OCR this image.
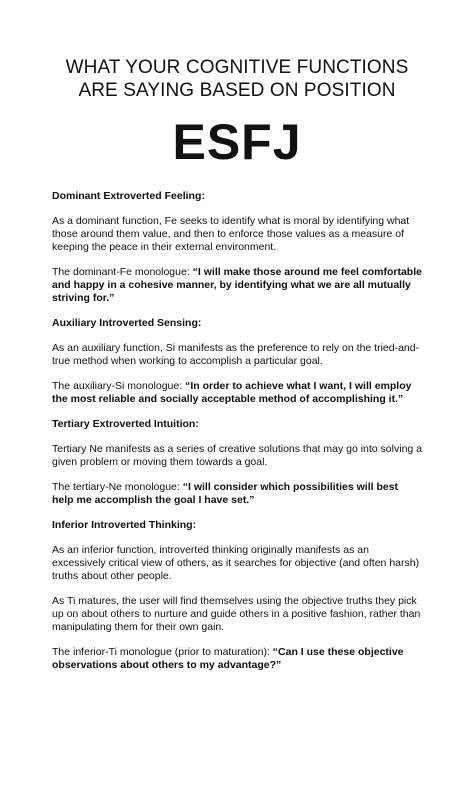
WHAT YOUR COGNITIVE FUNCTIONS
ARE SAYING BASED ON POSITION
ESFJ
Dominant Extroverted Feeling:

As a dominant function, Fe seeks to identify what is moral by identifying what those around them value, and then to enforce those values as a measure of keeping the peace in their external environment.

The dominant-Fe monologue: “I will make those around me feel comfortable and happy in a cohesive manner, by identifying what we are all mutually striving for.”

Auxiliary Introverted Sensing:

As an auxiliary function, Si manifests as the preference to rely on the tried-and-true method when working to accomplish a particular goal.

The auxiliary-Si monologue: “In order to achieve what I want, I will employ the most reliable and socially acceptable method of accomplishing it.”

Tertiary Extroverted Intuition:

Tertiary Ne manifests as a series of creative solutions that may go into solving a given problem or moving them towards a goal.

The tertiary-Ne monologue: “I will consider which possibilities will best help me accomplish the goal I have set.”

Inferior Introverted Thinking:

As an inferior function, introverted thinking originally manifests as an excessively critical view of others, as it searches for objective (and often harsh) truths about other people.

As Ti matures, the user will find themselves using the objective truths they pick up on about others to nurture and guide others in a positive fashion, rather than manipulating them for their own gain.

The inferior-Ti monologue (prior to maturation): “Can I use these objective observations about others to my advantage?”
